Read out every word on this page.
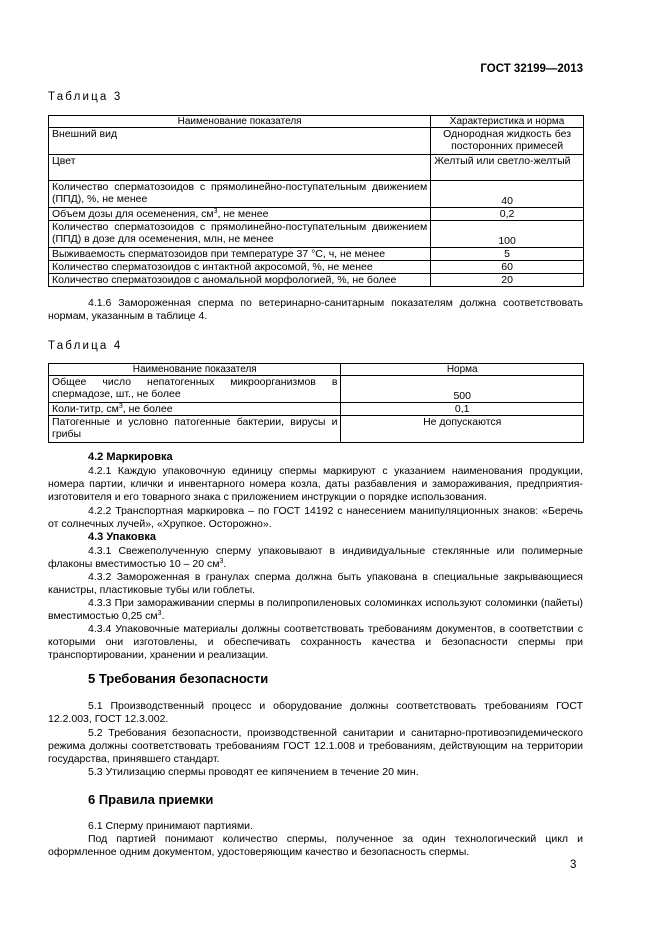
ГОСТ 32199—2013
Таблица 3
Наименование показателя	Характеристика и норма
Внешний вид	Однородная жидкость без посторонних примесей
Цвет	Желтый или светло-желтый
Количество сперматозоидов с прямолинейно-поступательным движением (ППД), %, не менее	40
Объем дозы для осеменения, $см^3$, не менее	0,2
Количество сперматозоидов с прямолинейно-поступательным движением (ППД) в дозе для осеменения, млн, не менее	100
Выживаемость сперматозоидов при температуре 37 °С, ч, не менее	5
Количество сперматозоидов с интактной акросомой, %, не менее	60
Количество сперматозоидов с аномальной морфологией, %, не более	20
4.1.6 Замороженная сперма по ветеринарно-санитарным показателям должна соответствовать нормам, указанным в таблице 4.
Таблица 4
Наименование показателя	Норма
Общее число непатогенных микроорганизмов в спермадозе, шт., не более	500
Коли-титр, $см^3$, не более	0,1
Патогенные и условно патогенные бактерии, вирусы и грибы	Не допускаются
4.2 Маркировка
4.2.1 Каждую упаковочную единицу спермы маркируют с указанием наименования продукции, номера партии, клички и инвентарного номера козла, даты разбавления и замораживания, предприятия-изготовителя и его товарного знака с приложением инструкции о порядке использования.
4.2.2 Транспортная маркировка – по ГОСТ 14192 с нанесением манипуляционных знаков: «Беречь от солнечных лучей», «Хрупкое. Осторожно».
4.3 Упаковка
4.3.1 Свежеполученную сперму упаковывают в индивидуальные стеклянные или полимерные флаконы вместимостью 10 – 20 $см^3$.
4.3.2 Замороженная в гранулах сперма должна быть упакована в специальные закрывающиеся канистры, пластиковые тубы или гоблеты.
4.3.3 При замораживании спермы в полипропиленовых соломинках используют соломинки (пайеты) вместимостью 0,25 $см^3$.
4.3.4 Упаковочные материалы должны соответствовать требованиям документов, в соответствии с которыми они изготовлены, и обеспечивать сохранность качества и безопасности спермы при транспортировании, хранении и реализации.
5 Требования безопасности
5.1 Производственный процесс и оборудование должны соответствовать требованиям ГОСТ 12.2.003, ГОСТ 12.3.002.
5.2 Требования безопасности, производственной санитарии и санитарно-противоэпидемического режима должны соответствовать требованиям ГОСТ 12.1.008 и требованиям, действующим на территории государства, принявшего стандарт.
5.3 Утилизацию спермы проводят ее кипячением в течение 20 мин.
6 Правила приемки
6.1 Сперму принимают партиями.
Под партией понимают количество спермы, полученное за один технологический цикл и оформленное одним документом, удостоверяющим качество и безопасность спермы.
3
